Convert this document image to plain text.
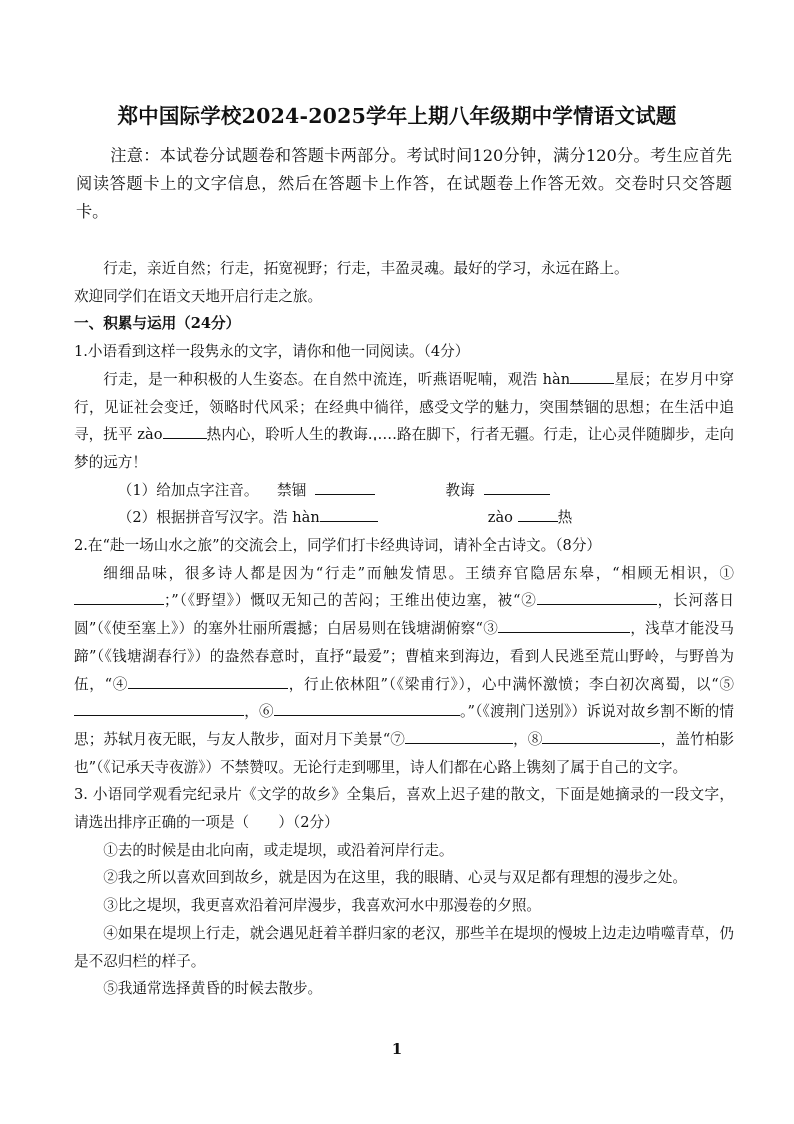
郑中国际学校2024-2025学年上期八年级期中学情语文试题
注意：本试卷分试题卷和答题卡两部分。考试时间120分钟，满分120分。考生应首先阅读答题卡上的文字信息，然后在答题卡上作答，在试题卷上作答无效。交卷时只交答题卡。

行走，亲近自然；行走，拓宽视野；行走，丰盈灵魂。最好的学习，永远在路上。

欢迎同学们在语文天地开启行走之旅。

一、积累与运用（24分）

1.小语看到这样一段隽永的文字，请你和他一同阅读。（4分）

行走，是一种积极的人生姿态。在自然中流连，听燕语呢喃，观浩 hàn	星辰；在岁月中穿行，见证社会变迁，领略时代风采；在经典中徜徉，感受文学的魅力，突围禁锢的思想；在生活中追寻，抚平 zào	热内心，聆听人生的教诲……路在脚下，行者无疆。行走，让心灵伴随脚步，走向梦的远方！

（1）给加点字注音。 禁锢	教诲

（2）根据拼音写汉字。浩 hàn	zào	热

2.在“赴一场山水之旅”的交流会上，同学们打卡经典诗词，请补全古诗文。（8分）

细细品味，很多诗人都是因为“行走”而触发情思。王绩弃官隐居东皋，“相顾无相识，①；”（《野望》）慨叹无知己的苦闷；王维出使边塞，被“②	，长河落日圆”（《使至塞上》）的塞外壮丽所震撼；白居易则在钱塘湖俯察“③	，浅草才能没马蹄”（《钱塘湖春行》）的盎然春意时，直抒“最爱”；曹植来到海边，看到人民逃至荒山野岭，与野兽为伍，“④	，行止依林阻”（《梁甫行》），心中满怀激愤；李白初次离蜀，以“⑤，⑥	。”（《渡荆门送别》）诉说对故乡割不断的情思；苏轼月夜无眠，与友人散步，面对月下美景“⑦	，⑧	，盖竹柏影也”（《记承天寺夜游》）不禁赞叹。无论行走到哪里，诗人们都在心路上镌刻了属于自己的文字。

3. 小语同学观看完纪录片《文学的故乡》全集后，喜欢上迟子建的散文，下面是她摘录的一段文字，请选出排序正确的一项是（　　）（2分）

①去的时候是由北向南，或走堤坝，或沿着河岸行走。

②我之所以喜欢回到故乡，就是因为在这里，我的眼睛、心灵与双足都有理想的漫步之处。

③比之堤坝，我更喜欢沿着河岸漫步，我喜欢河水中那漫卷的夕照。

④如果在堤坝上行走，就会遇见赶着羊群归家的老汉，那些羊在堤坝的慢坡上边走边啃噬青草，仍是不忍归栏的样子。

⑤我通常选择黄昏的时候去散步。

1
